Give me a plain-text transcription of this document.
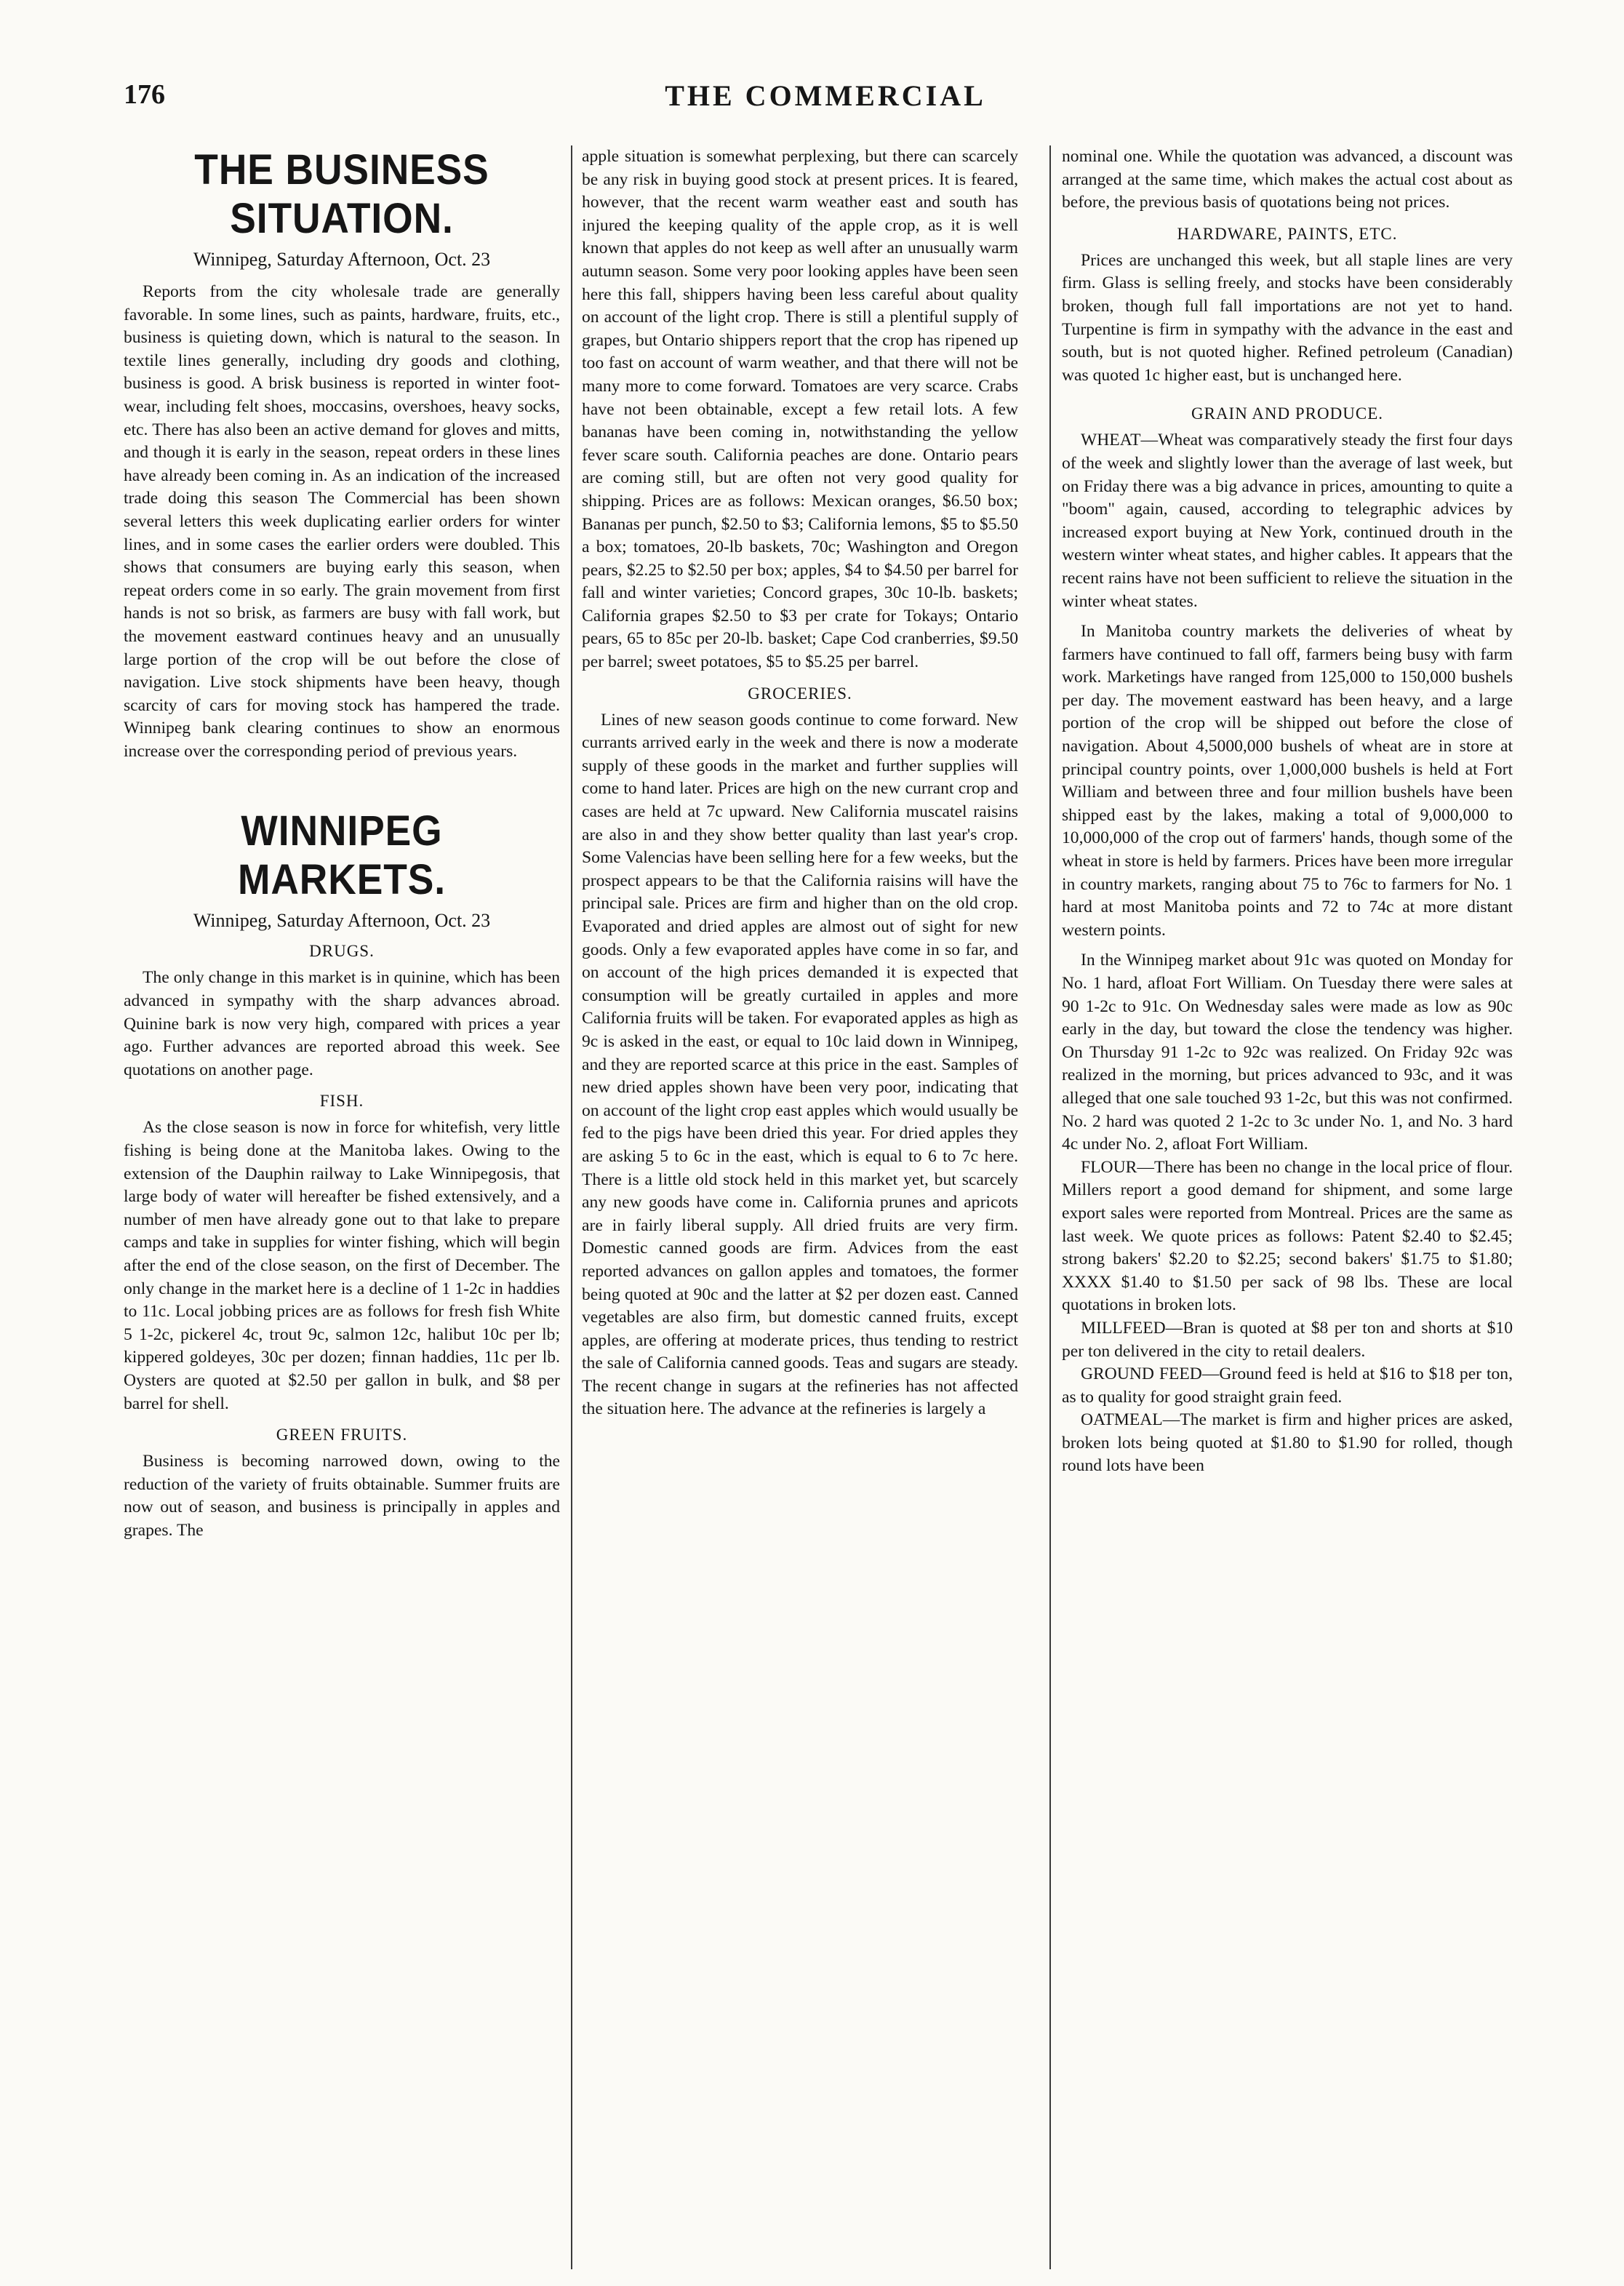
176	THE COMMERCIAL
THE BUSINESS SITUATION.
Winnipeg, Saturday Afternoon, Oct. 23

Reports from the city wholesale trade are generally favorable. In some lines, such as paints, hardware, fruits, etc., business is quieting down, which is natural to the season. In textile lines generally, including dry goods and clothing, business is good. A brisk business is reported in winter foot-wear, including felt shoes, moccasins, overshoes, heavy socks, etc. There has also been an active demand for gloves and mitts, and though it is early in the season, repeat orders in these lines have already been coming in. As an indication of the increased trade doing this season The Commercial has been shown several letters this week duplicating earlier orders for winter lines, and in some cases the earlier orders were doubled. This shows that consumers are buying early this season, when repeat orders come in so early. The grain movement from first hands is not so brisk, as farmers are busy with fall work, but the movement eastward continues heavy and an unusually large portion of the crop will be out before the close of navigation. Live stock shipments have been heavy, though scarcity of cars for moving stock has hampered the trade. Winnipeg bank clearing continues to show an enormous increase over the corresponding period of previous years.

WINNIPEG MARKETS.
Winnipeg, Saturday Afternoon, Oct. 23
DRUGS.

The only change in this market is in quinine, which has been advanced in sympathy with the sharp advances abroad. Quinine bark is now very high, compared with prices a year ago. Further advances are reported abroad this week. See quotations on another page.

FISH.

As the close season is now in force for whitefish, very little fishing is being done at the Manitoba lakes. Owing to the extension of the Dauphin railway to Lake Winnipegosis, that large body of water will hereafter be fished extensively, and a number of men have already gone out to that lake to prepare camps and take in supplies for winter fishing, which will begin after the end of the close season, on the first of December. The only change in the market here is a decline of 1 1-2c in haddies to 11c. Local jobbing prices are as follows for fresh fish White 5 1-2c, pickerel 4c, trout 9c, salmon 12c, halibut 10c per lb; kippered goldeyes, 30c per dozen; finnan haddies, 11c per lb. Oysters are quoted at $2.50 per gallon in bulk, and $8 per barrel for shell.

GREEN FRUITS.

Business is becoming narrowed down, owing to the reduction of the variety of fruits obtainable. Summer fruits are now out of season, and business is principally in apples and grapes. The

apple situation is somewhat perplexing, but there can scarcely be any risk in buying good stock at present prices. It is feared, however, that the recent warm weather east and south has injured the keeping quality of the apple crop, as it is well known that apples do not keep as well after an unusually warm autumn season. Some very poor looking apples have been seen here this fall, shippers having been less careful about quality on account of the light crop. There is still a plentiful supply of grapes, but Ontario shippers report that the crop has ripened up too fast on account of warm weather, and that there will not be many more to come forward. Tomatoes are very scarce. Crabs have not been obtainable, except a few retail lots. A few bananas have been coming in, notwithstanding the yellow fever scare south. California peaches are done. Ontario pears are coming still, but are often not very good quality for shipping. Prices are as follows: Mexican oranges, $6.50 box; Bananas per punch, $2.50 to $3; California lemons, $5 to $5.50 a box; tomatoes, 20-lb baskets, 70c; Washington and Oregon pears, $2.25 to $2.50 per box; apples, $4 to $4.50 per barrel for fall and winter varieties; Concord grapes, 30c 10-lb. baskets; California grapes $2.50 to $3 per crate for Tokays; Ontario pears, 65 to 85c per 20-lb. basket; Cape Cod cranberries, $9.50 per barrel; sweet potatoes, $5 to $5.25 per barrel.

GROCERIES.

Lines of new season goods continue to come forward. New currants arrived early in the week and there is now a moderate supply of these goods in the market and further supplies will come to hand later. Prices are high on the new currant crop and cases are held at 7c upward. New California muscatel raisins are also in and they show better quality than last year's crop. Some Valencias have been selling here for a few weeks, but the prospect appears to be that the California raisins will have the principal sale. Prices are firm and higher than on the old crop. Evaporated and dried apples are almost out of sight for new goods. Only a few evaporated apples have come in so far, and on account of the high prices demanded it is expected that consumption will be greatly curtailed in apples and more California fruits will be taken. For evaporated apples as high as 9c is asked in the east, or equal to 10c laid down in Winnipeg, and they are reported scarce at this price in the east. Samples of new dried apples shown have been very poor, indicating that on account of the light crop east apples which would usually be fed to the pigs have been dried this year. For dried apples they are asking 5 to 6c in the east, which is equal to 6 to 7c here. There is a little old stock held in this market yet, but scarcely any new goods have come in. California prunes and apricots are in fairly liberal supply. All dried fruits are very firm. Domestic canned goods are firm. Advices from the east reported advances on gallon apples and tomatoes, the former being quoted at 90c and the latter at $2 per dozen east. Canned vegetables are also firm, but domestic canned fruits, except apples, are offering at moderate prices, thus tending to restrict the sale of California canned goods. Teas and sugars are steady. The recent change in sugars at the refineries has not affected the situation here. The advance at the refineries is largely a

nominal one. While the quotation was advanced, a discount was arranged at the same time, which makes the actual cost about as before, the previous basis of quotations being not prices.

HARDWARE, PAINTS, ETC.

Prices are unchanged this week, but all staple lines are very firm. Glass is selling freely, and stocks have been considerably broken, though full fall importations are not yet to hand. Turpentine is firm in sympathy with the advance in the east and south, but is not quoted higher. Refined petroleum (Canadian) was quoted 1c higher east, but is unchanged here.

GRAIN AND PRODUCE.

WHEAT—Wheat was comparatively steady the first four days of the week and slightly lower than the average of last week, but on Friday there was a big advance in prices, amounting to quite a "boom" again, caused, according to telegraphic advices by increased export buying at New York, continued drouth in the western winter wheat states, and higher cables. It appears that the recent rains have not been sufficient to relieve the situation in the winter wheat states.

In Manitoba country markets the deliveries of wheat by farmers have continued to fall off, farmers being busy with farm work. Marketings have ranged from 125,000 to 150,000 bushels per day. The movement eastward has been heavy, and a large portion of the crop will be shipped out before the close of navigation. About 4,5000,000 bushels of wheat are in store at principal country points, over 1,000,000 bushels is held at Fort William and between three and four million bushels have been shipped east by the lakes, making a total of 9,000,000 to 10,000,000 of the crop out of farmers' hands, though some of the wheat in store is held by farmers. Prices have been more irregular in country markets, ranging about 75 to 76c to farmers for No. 1 hard at most Manitoba points and 72 to 74c at more distant western points.

In the Winnipeg market about 91c was quoted on Monday for No. 1 hard, afloat Fort William. On Tuesday there were sales at 90 1-2c to 91c. On Wednesday sales were made as low as 90c early in the day, but toward the close the tendency was higher. On Thursday 91 1-2c to 92c was realized. On Friday 92c was realized in the morning, but prices advanced to 93c, and it was alleged that one sale touched 93 1-2c, but this was not confirmed. No. 2 hard was quoted 2 1-2c to 3c under No. 1, and No. 3 hard 4c under No. 2, afloat Fort William.

FLOUR—There has been no change in the local price of flour. Millers report a good demand for shipment, and some large export sales were reported from Montreal. Prices are the same as last week. We quote prices as follows: Patent $2.40 to $2.45; strong bakers' $2.20 to $2.25; second bakers' $1.75 to $1.80; XXXX $1.40 to $1.50 per sack of 98 lbs. These are local quotations in broken lots.

MILLFEED—Bran is quoted at $8 per ton and shorts at $10 per ton delivered in the city to retail dealers.

GROUND FEED—Ground feed is held at $16 to $18 per ton, as to quality for good straight grain feed.

OATMEAL—The market is firm and higher prices are asked, broken lots being quoted at $1.80 to $1.90 for rolled, though round lots have been
